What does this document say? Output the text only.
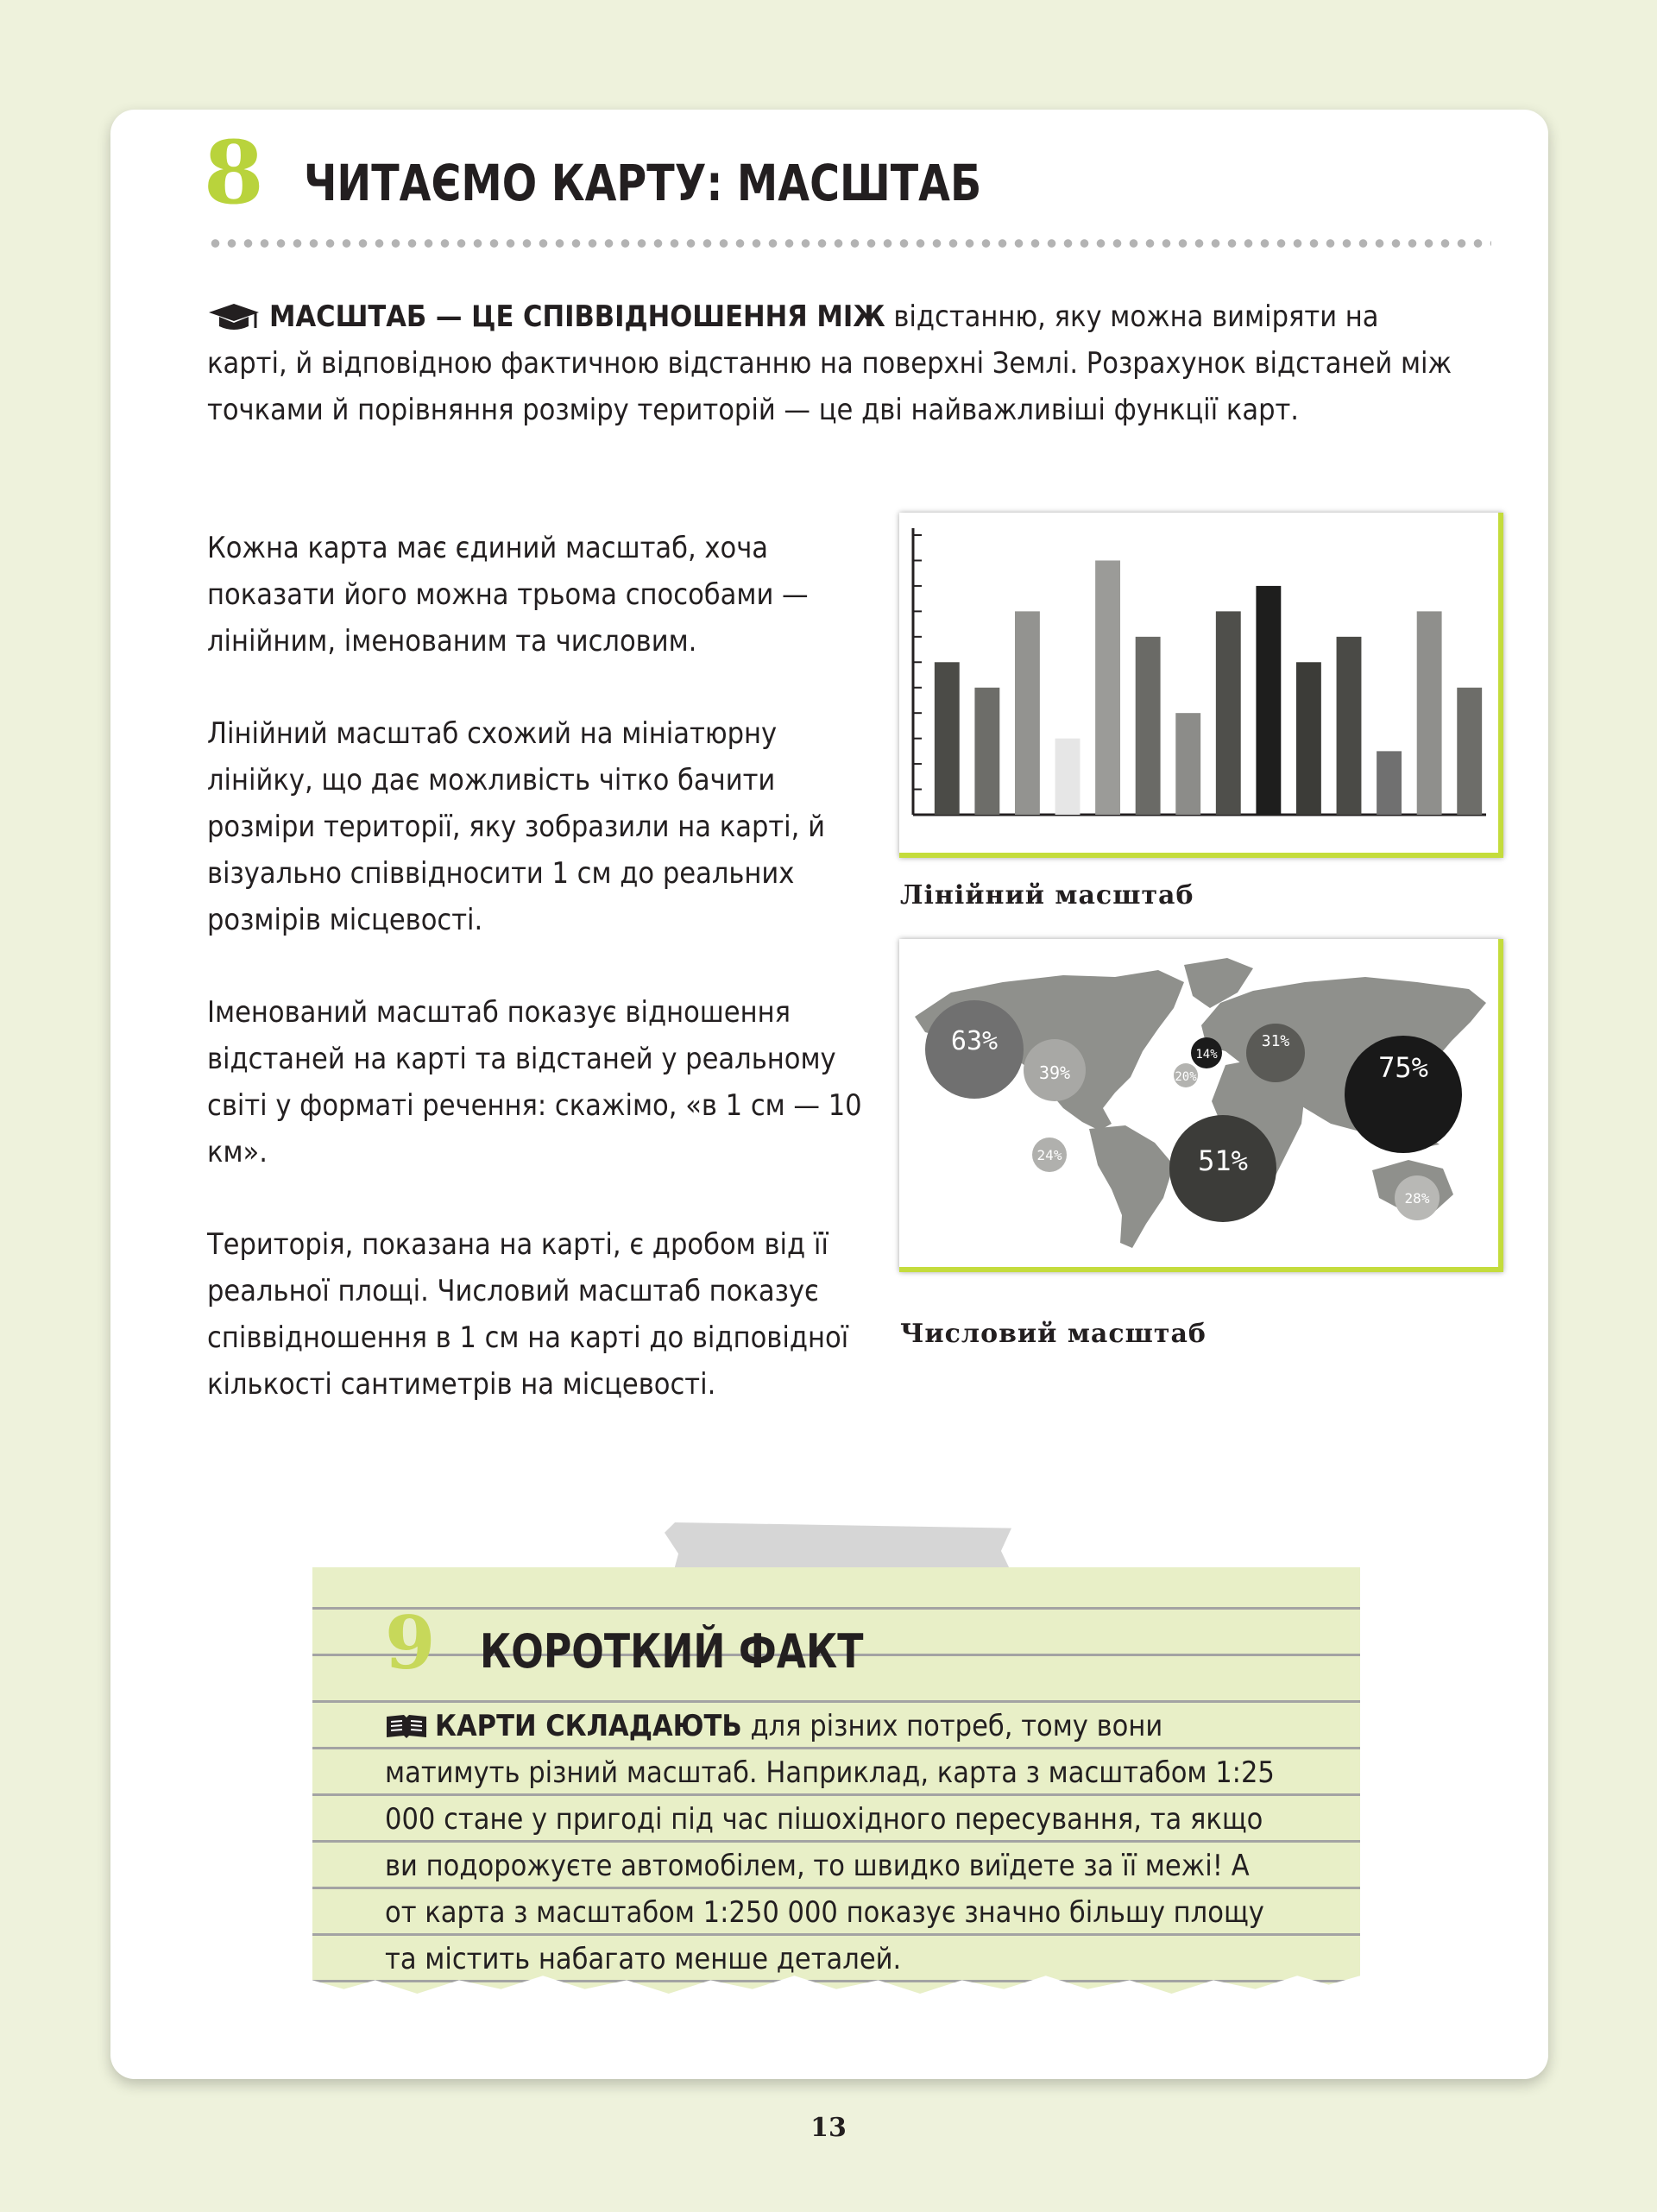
8 ЧИТАЄМО КАРТУ: МАСШТАБ
МАСШТАБ — ЦЕ СПІВВІДНОШЕННЯ МІЖ відстанню, яку можна виміряти на карті, й відповідною фактичною відстанню на поверхні Землі. Розрахунок відстаней між точками й порівняння розміру територій — це дві найважливіші функції карт.
Кожна карта має єдиний масштаб, хоча показати його можна трьома способами — лінійним, іменованим та числовим.
Лінійний масштаб схожий на мініатюрну лінійку, що дає можливість чітко бачити розміри території, яку зобразили на карті, й візуально співвідносити 1 см до реальних розмірів місцевості.
Іменований масштаб показує відношення відстаней на карті та відстаней у реальному світі у форматі речення: скажімо, «в 1 см — 10 км».
Територія, показана на карті, є дробом від її реальної площі. Числовий масштаб показує співвідношення в 1 см на карті до відповідної кількості сантиметрів на місцевості.
Лінійний масштаб
63%
39%
14%
20%
31%
75%
24%	51%
28%
Числовий масштаб
9 КОРОТКИЙ ФАКТ
КАРТИ СКЛАДАЮТЬ для різних потреб, тому вони матимуть різний масштаб. Наприклад, карта з масштабом 1:25 000 стане у пригоді під час пішохідного пересування, та якщо ви подорожуєте автомобілем, то швидко виїдете за її межі! А от карта з масштабом 1:250 000 показує значно більшу площу та містить набагато менше деталей.
13
